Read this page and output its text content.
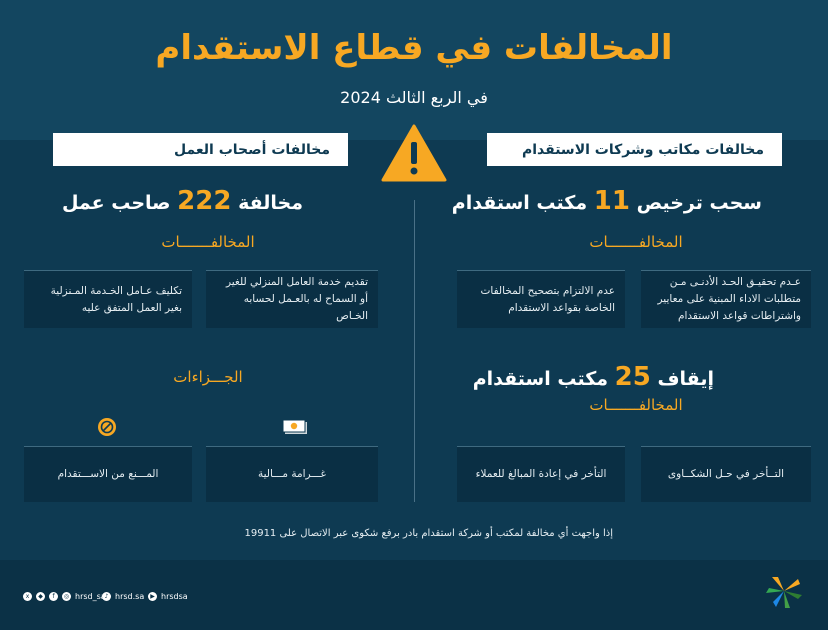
المخالفات في قطاع الاستقدام
في الربع الثالث 2024
مخالفات مكاتب وشركات الاستقدام
مخالفات أصحاب العمل
سحب ترخيص 11 مكتب استقدام
المخالفـــــــات
عـدم تحقيـق الحـد الأدنـى مـن متطلبات الاداء المبنية على معايير واشتراطات قواعد الاستقدام
عدم الالتزام بتصحيح المخالفات الخاصة بقواعد الاستقدام
إيقاف 25 مكتب استقدام
المخالفـــــــات
التــأخر في حـل الشكــاوى
التأخر في إعادة المبالغ للعملاء
مخالفة 222 صاحب عمل
المخالفـــــــات
تقديم خدمة العامل المنزلي للغير أو السماح له بالعـمل لحسابه الخـاص
تكليف عـامل الخـدمة المـنزلية بغير العمل المتفق عليه
الجـــزاءات
غـــرامة مـــالية
المـــنع من الاســـتقدام
إذا واجهت أي مخالفة لمكتب أو شركة استقدام بادر برفع شكوى عبر الاتصال على 19911
▶ hrsdsa
♪ hrsd.sa
x	◆	f	◎ hrsd_sa
